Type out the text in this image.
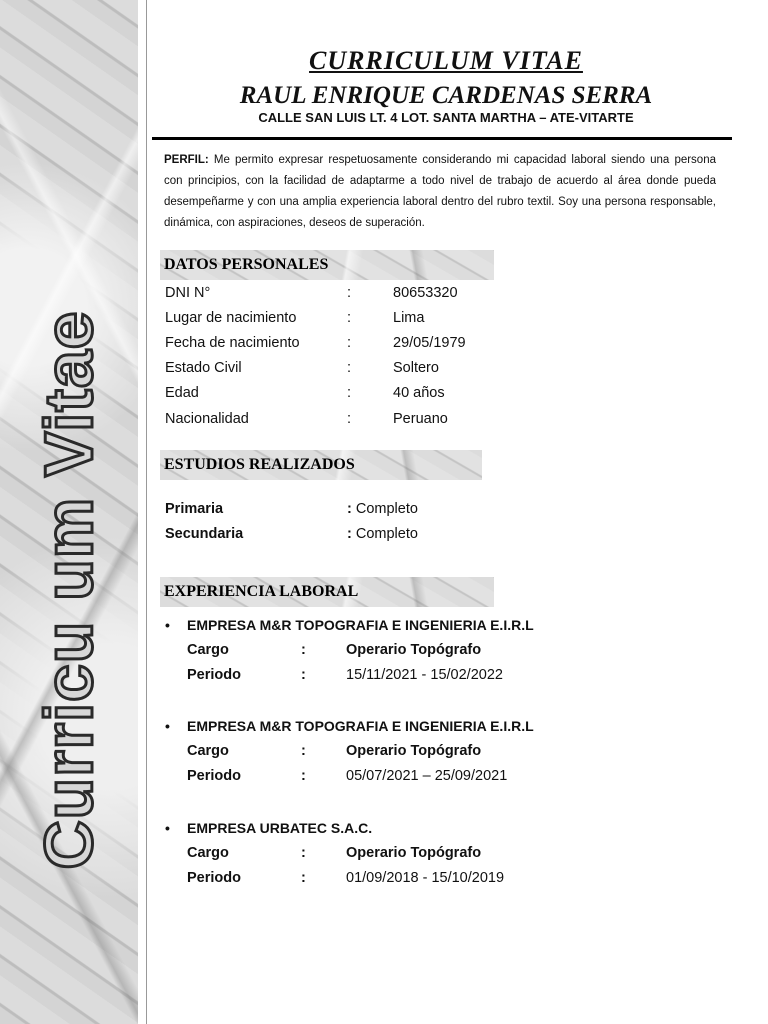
Curricu um Vitae
CURRICULUM VITAE
RAUL ENRIQUE CARDENAS SERRA
CALLE SAN LUIS LT. 4 LOT. SANTA MARTHA – ATE-VITARTE
PERFIL: Me permito expresar respetuosamente considerando mi capacidad laboral siendo una persona con principios, con la facilidad de adaptarme a todo nivel de trabajo de acuerdo al área donde pueda desempeñarme y con una amplia experiencia laboral dentro del rubro textil. Soy una persona responsable, dinámica, con aspiraciones, deseos de superación.
DATOS PERSONALES
DNI N°	:	80653320
Lugar de nacimiento	:	Lima
Fecha de nacimiento	:	29/05/1979
Estado Civil	:	Soltero
Edad	:	40 años
Nacionalidad	:	Peruano
ESTUDIOS REALIZADOS
Primaria	: Completo
Secundaria	: Completo
EXPERIENCIA LABORAL
• EMPRESA M&R TOPOGRAFIA E INGENIERIA E.I.R.L
Cargo	:	Operario Topógrafo
Periodo	:	15/11/2021 - 15/02/2022
• EMPRESA M&R TOPOGRAFIA E INGENIERIA E.I.R.L
Cargo	:	Operario Topógrafo
Periodo	:	05/07/2021 – 25/09/2021
• EMPRESA URBATEC S.A.C.
Cargo	:	Operario Topógrafo
Periodo	:	01/09/2018 - 15/10/2019
